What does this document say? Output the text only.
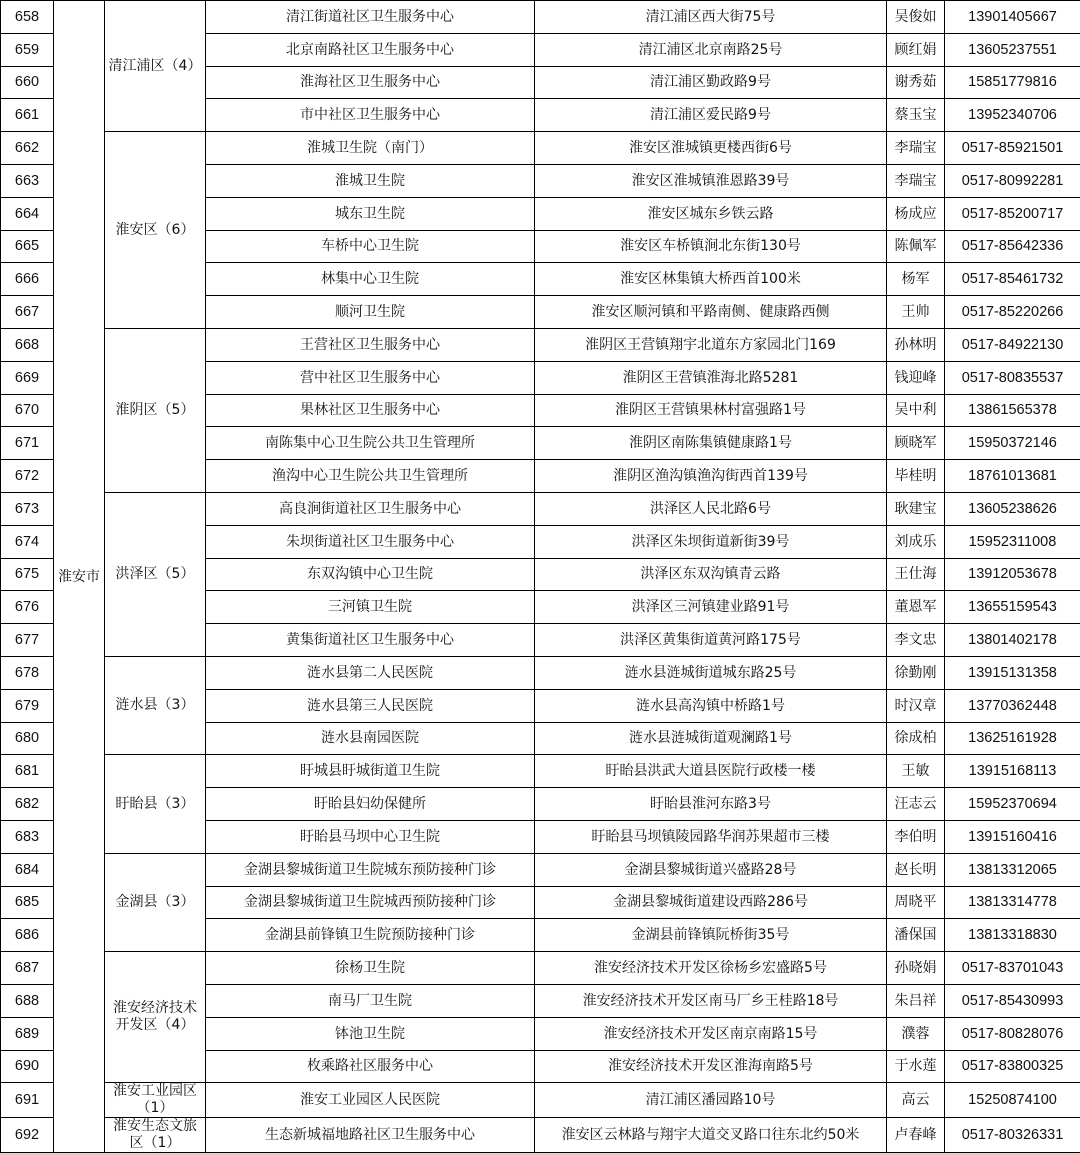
658	淮安市	清江浦区（4）	清江街道社区卫生服务中心	清江浦区西大街75号	吴俊如	13901405667
659			北京南路社区卫生服务中心	清江浦区北京南路25号	顾红娟	13605237551
660			淮海社区卫生服务中心	清江浦区勤政路9号	谢秀茹	15851779816
661			市中社区卫生服务中心	清江浦区爱民路9号	蔡玉宝	13952340706
662		淮安区（6）	淮城卫生院（南门）	淮安区淮城镇更楼西街6号	李瑞宝	0517-85921501
663			淮城卫生院	淮安区淮城镇淮恩路39号	李瑞宝	0517-80992281
664			城东卫生院	淮安区城东乡铁云路	杨成应	0517-85200717
665			车桥中心卫生院	淮安区车桥镇涧北东街130号	陈佩军	0517-85642336
666			林集中心卫生院	淮安区林集镇大桥西首100米	杨军	0517-85461732
667			顺河卫生院	淮安区顺河镇和平路南侧、健康路西侧	王帅	0517-85220266
668		淮阴区（5）	王营社区卫生服务中心	淮阴区王营镇翔宇北道东方家园北门169	孙林明	0517-84922130
669			营中社区卫生服务中心	淮阴区王营镇淮海北路5281	钱迎峰	0517-80835537
670			果林社区卫生服务中心	淮阴区王营镇果林村富强路1号	吴中利	13861565378
671			南陈集中心卫生院公共卫生管理所	淮阴区南陈集镇健康路1号	顾晓军	15950372146
672			渔沟中心卫生院公共卫生管理所	淮阴区渔沟镇渔沟街西首139号	毕桂明	18761013681
673		洪泽区（5）	高良涧街道社区卫生服务中心	洪泽区人民北路6号	耿建宝	13605238626
674			朱坝街道社区卫生服务中心	洪泽区朱坝街道新街39号	刘成乐	15952311008
675			东双沟镇中心卫生院	洪泽区东双沟镇青云路	王仕海	13912053678
676			三河镇卫生院	洪泽区三河镇建业路91号	董恩军	13655159543
677			黄集街道社区卫生服务中心	洪泽区黄集街道黄河路175号	李文忠	13801402178
678		涟水县（3）	涟水县第二人民医院	涟水县涟城街道城东路25号	徐勤刚	13915131358
679			涟水县第三人民医院	涟水县高沟镇中桥路1号	时汉章	13770362448
680			涟水县南园医院	涟水县涟城街道观澜路1号	徐成柏	13625161928
681		盱眙县（3）	盱城县盱城街道卫生院	盱眙县洪武大道县医院行政楼一楼	王敏	13915168113
682			盱眙县妇幼保健所	盱眙县淮河东路3号	汪志云	15952370694
683			盱眙县马坝中心卫生院	盱眙县马坝镇陵园路华润苏果超市三楼	李伯明	13915160416
684		金湖县（3）	金湖县黎城街道卫生院城东预防接种门诊	金湖县黎城街道兴盛路28号	赵长明	13813312065
685			金湖县黎城街道卫生院城西预防接种门诊	金湖县黎城街道建设西路286号	周晓平	13813314778
686			金湖县前锋镇卫生院预防接种门诊	金湖县前锋镇阮桥街35号	潘保国	13813318830
687		淮安经济技术开发区（4）	徐杨卫生院	淮安经济技术开发区徐杨乡宏盛路5号	孙晓娟	0517-83701043
688			南马厂卫生院	淮安经济技术开发区南马厂乡王桂路18号	朱吕祥	0517-85430993
689			钵池卫生院	淮安经济技术开发区南京南路15号	濮蓉	0517-80828076
690			枚乘路社区服务中心	淮安经济技术开发区淮海南路5号	于水莲	0517-83800325
691		淮安工业园区（1）	淮安工业园区人民医院	清江浦区潘园路10号	高云	15250874100
692		淮安生态文旅区（1）	生态新城福地路社区卫生服务中心	淮安区云林路与翔宇大道交叉路口往东北约50米	卢春峰	0517-80326331
